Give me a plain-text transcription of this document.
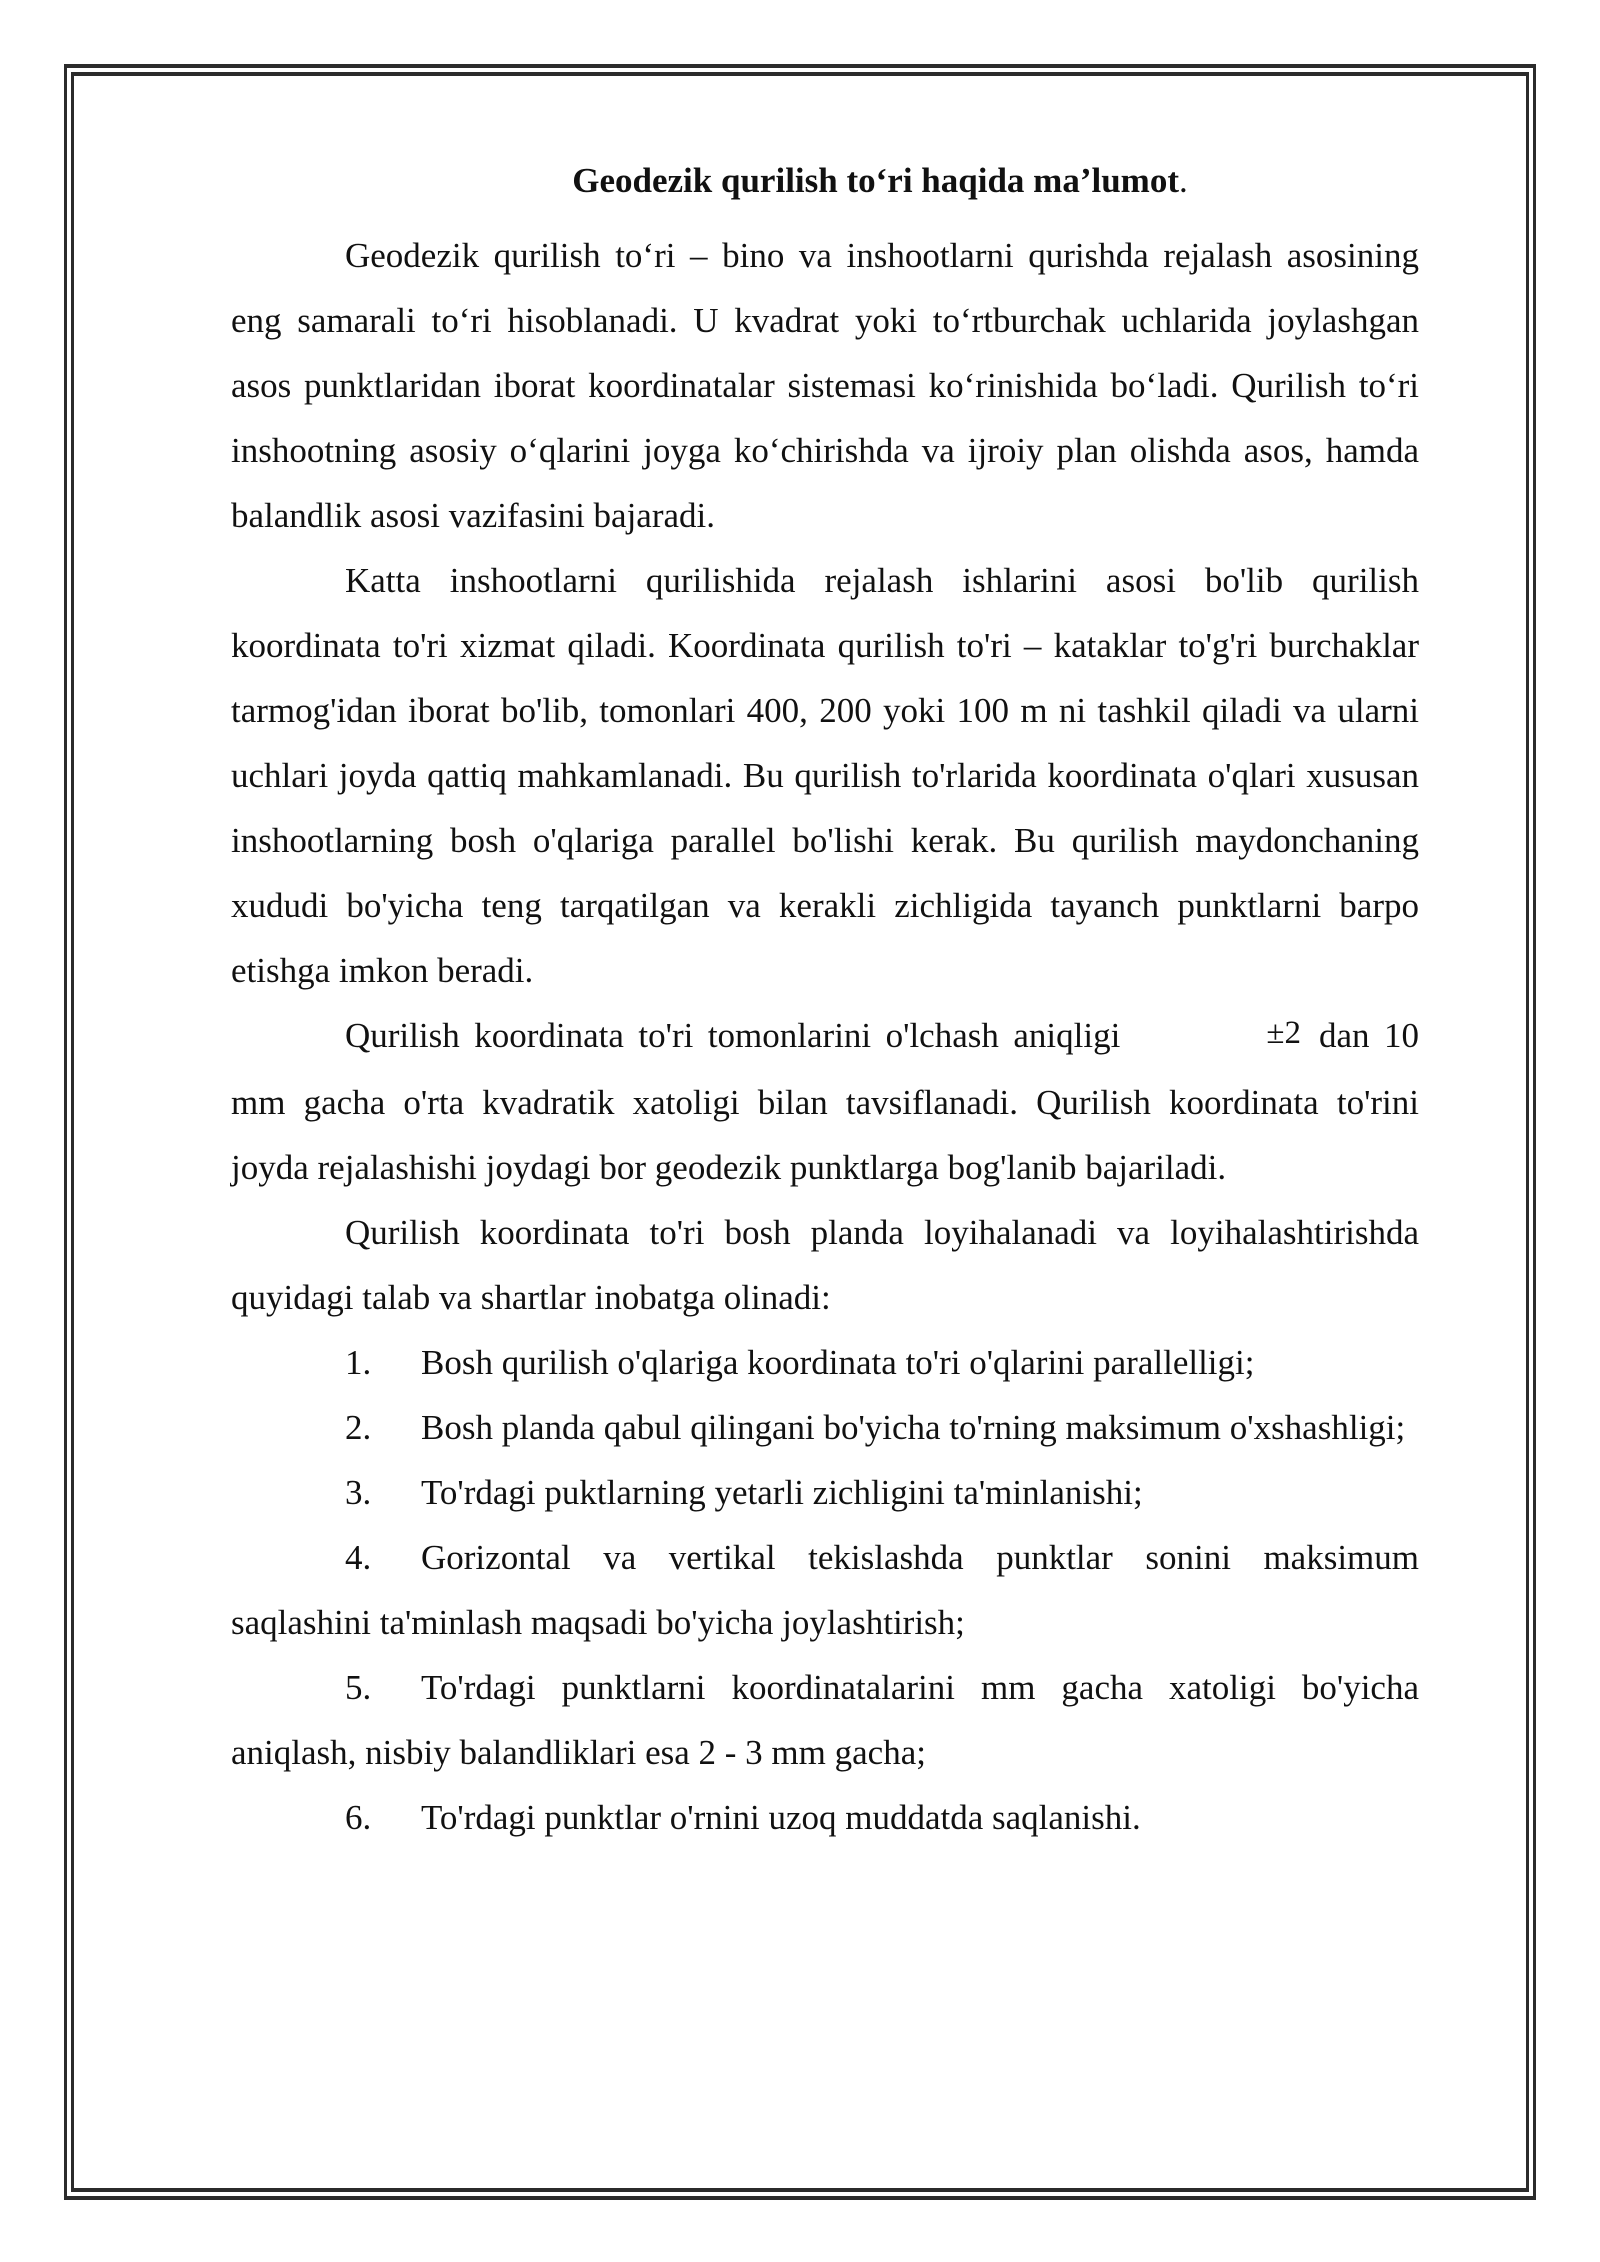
Geodezik qurilish to‘ri haqida ma’lumot.

Geodezik qurilish to‘ri – bino va inshootlarni qurishda rejalash asosining eng samarali to‘ri hisoblanadi. U kvadrat yoki to‘rtburchak uchlarida joylashgan asos punktlaridan iborat koordinatalar sistemasi ko‘rinishida bo‘ladi. Qurilish to‘ri inshootning asosiy o‘qlarini joyga ko‘chirishda va ijroiy plan olishda asos, hamda balandlik asosi vazifasini bajaradi.

Katta inshootlarni qurilishida rejalash ishlarini asosi bo'lib qurilish koordinata to'ri xizmat qiladi. Koordinata qurilish to'ri – kataklar to'g'ri burchaklar tarmog'idan iborat bo'lib, tomonlari 400, 200 yoki 100 m ni tashkil qiladi va ularni uchlari joyda qattiq mahkamlanadi. Bu qurilish to'rlarida koordinata o'qlari xususan inshootlarning bosh o'qlariga parallel bo'lishi kerak. Bu qurilish maydonchaning xududi bo'yicha teng tarqatilgan va kerakli zichligida tayanch punktlarni barpo etishga imkon beradi.

Qurilish koordinata to'ri tomonlarini o'lchash aniqligi	±2 dan 10 mm gacha o'rta kvadratik xatoligi bilan tavsiflanadi. Qurilish koordinata to'rini joyda rejalashishi joydagi bor geodezik punktlarga bog'lanib bajariladi.

Qurilish koordinata to'ri bosh planda loyihalanadi va loyihalashtirishda quyidagi talab va shartlar inobatga olinadi:

1. Bosh qurilish o'qlariga koordinata to'ri o'qlarini parallelligi;
2. Bosh planda qabul qilingani bo'yicha to'rning maksimum o'xshashligi;
3. To'rdagi puktlarning yetarli zichligini ta'minlanishi;
4. Gorizontal va vertikal tekislashda punktlar sonini maksimum saqlashini ta'minlash maqsadi bo'yicha joylashtirish;
5. To'rdagi punktlarni koordinatalarini mm gacha xatoligi bo'yicha aniqlash, nisbiy balandliklari esa 2 - 3 mm gacha;
6. To'rdagi punktlar o'rnini uzoq muddatda saqlanishi.
